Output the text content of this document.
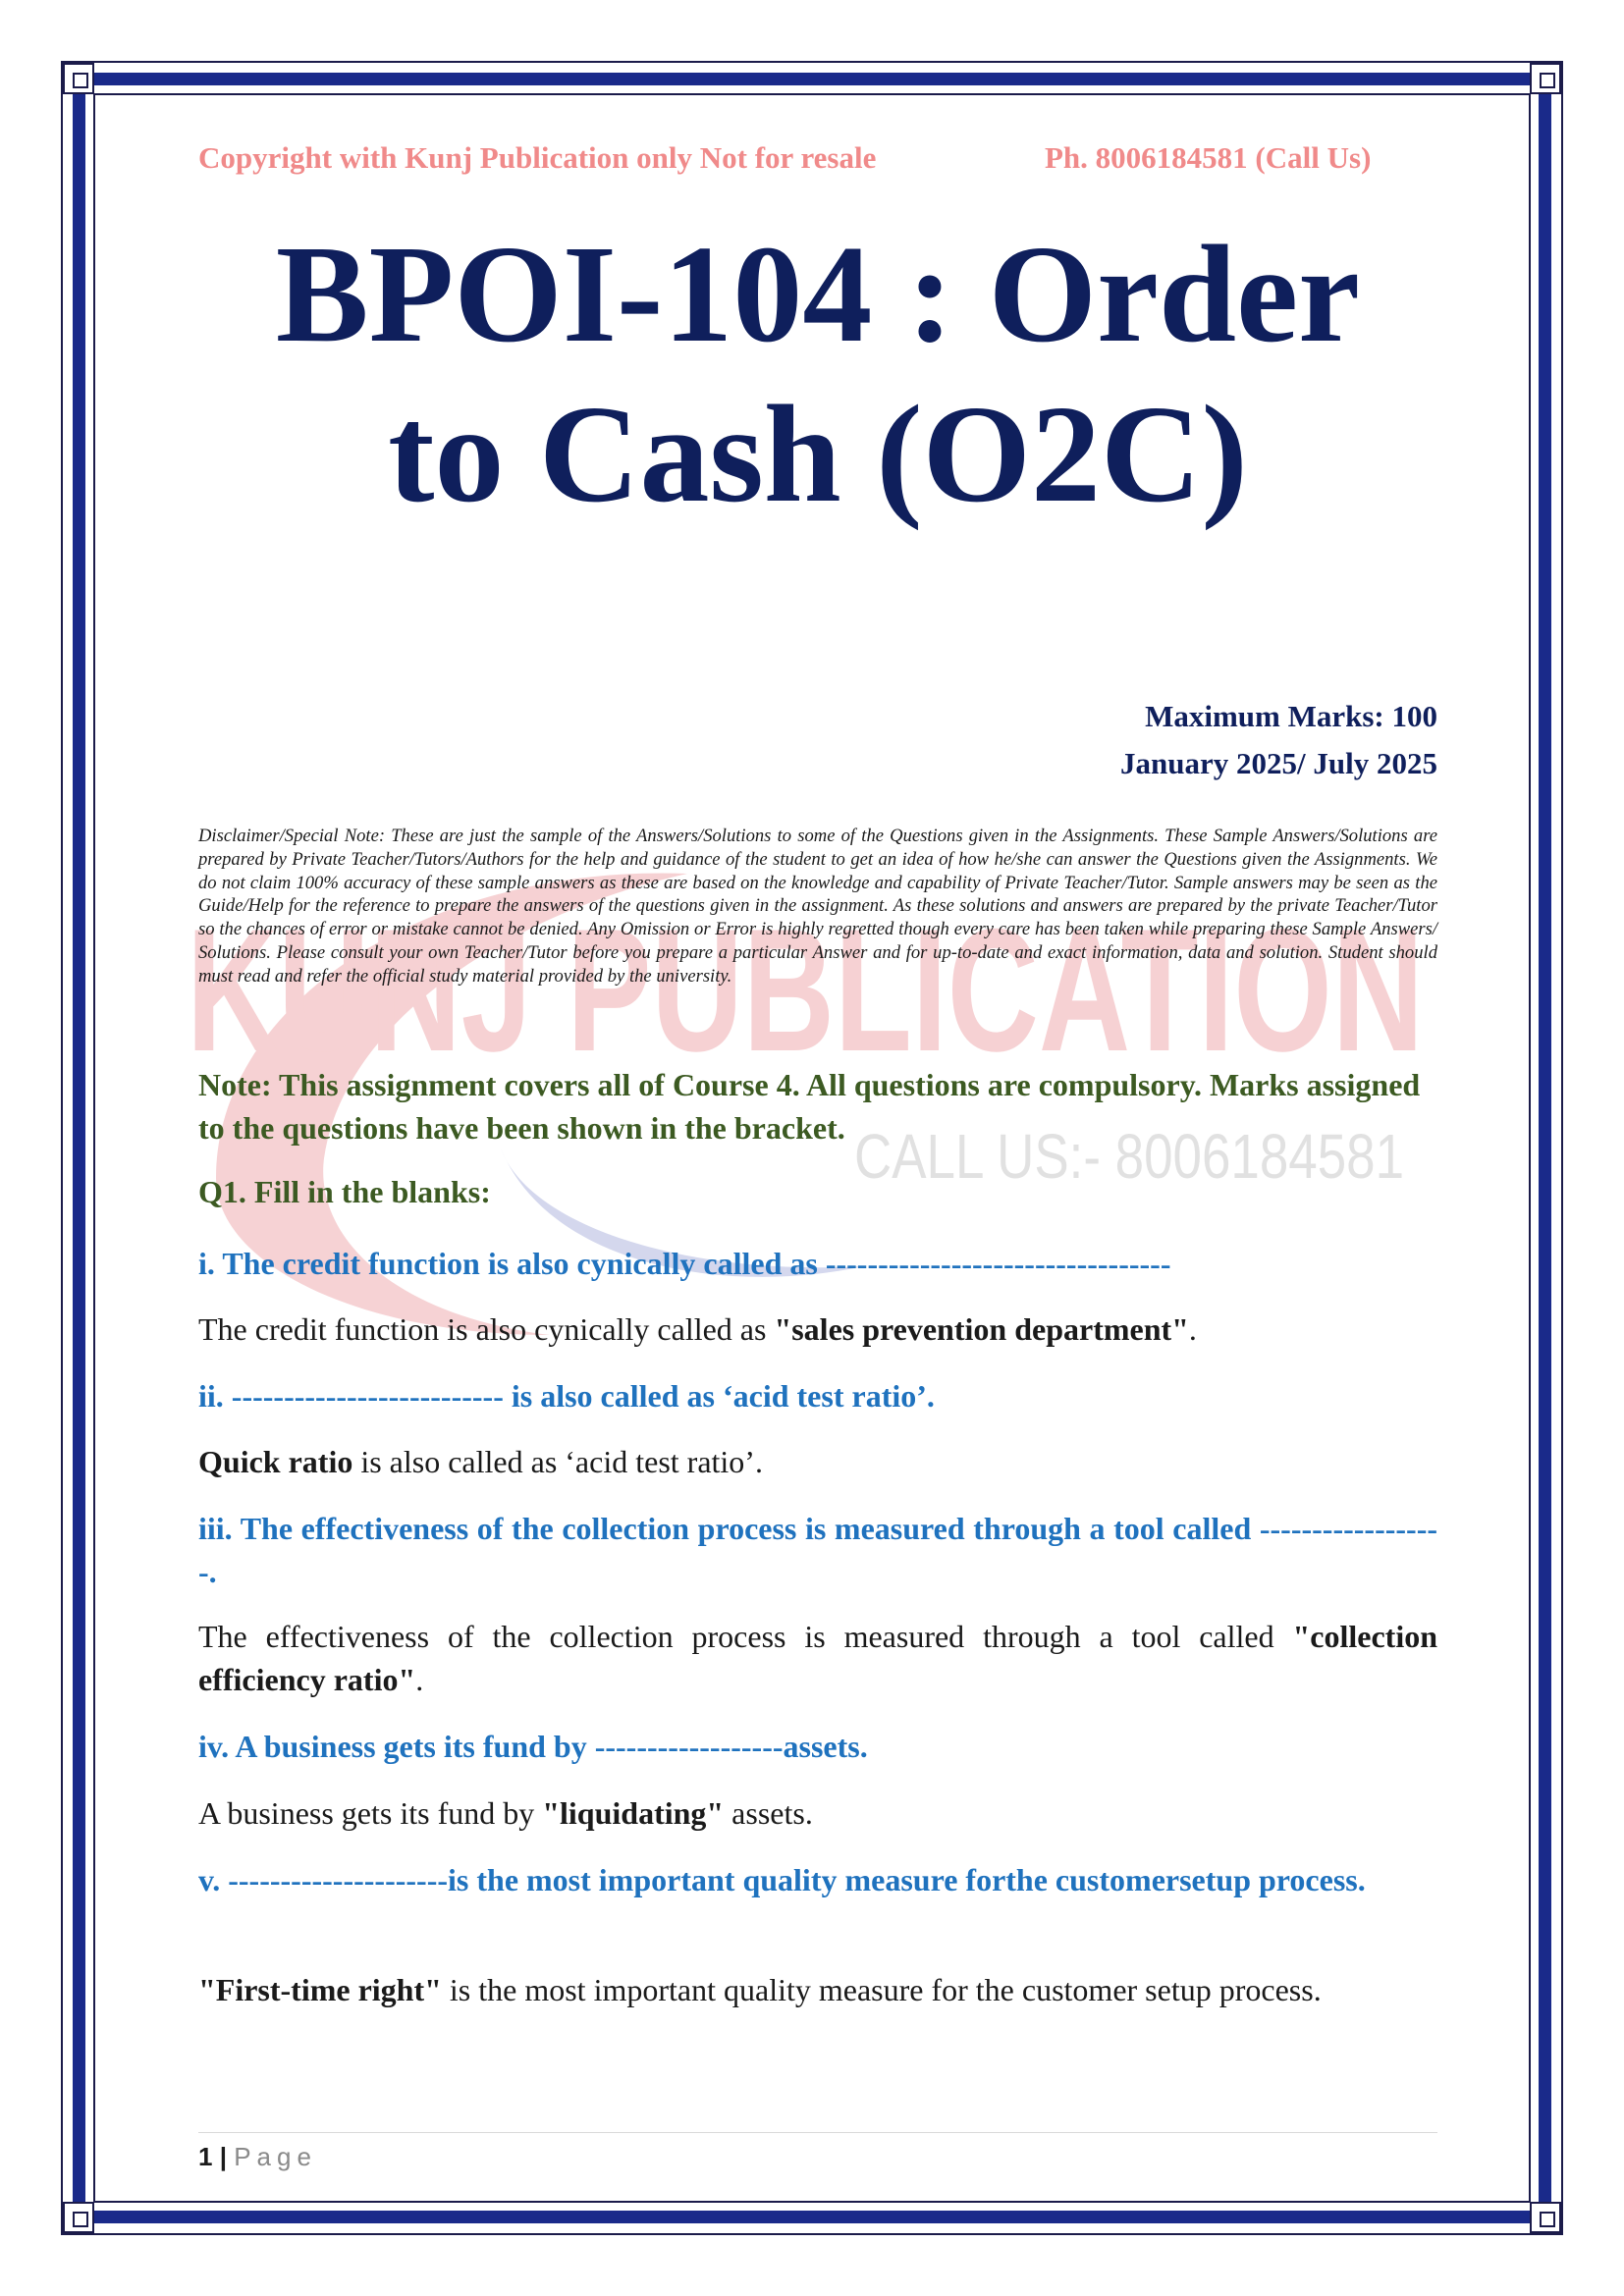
KUNJ PUBLICATION
CALL US:- 8006184581
Copyright with Kunj Publication only Not for resale	Ph. 8006184581 (Call Us)
BPOI-104 : Order
to Cash (O2C)
Maximum Marks: 100
January 2025/ July 2025
Disclaimer/Special Note: These are just the sample of the Answers/Solutions to some of the Questions given in the Assignments. These Sample Answers/Solutions are prepared by Private Teacher/Tutors/Authors for the help and guidance of the student to get an idea of how he/she can answer the Questions given the Assignments. We do not claim 100% accuracy of these sample answers as these are based on the knowledge and capability of Private Teacher/Tutor. Sample answers may be seen as the Guide/Help for the reference to prepare the answers of the questions given in the assignment. As these solutions and answers are prepared by the private Teacher/Tutor so the chances of error or mistake cannot be denied. Any Omission or Error is highly regretted though every care has been taken while preparing these Sample Answers/ Solutions. Please consult your own Teacher/Tutor before you prepare a particular Answer and for up-to-date and exact information, data and solution. Student should must read and refer the official study material provided by the university.
Note: This assignment covers all of Course 4. All questions are compulsory. Marks assigned to the questions have been shown in the bracket.
Q1. Fill in the blanks:
i. The credit function is also cynically called as ---------------------------------
The credit function is also cynically called as "sales prevention department".
ii. -------------------------- is also called as ‘acid test ratio’.
Quick ratio is also called as ‘acid test ratio’.
iii. The effectiveness of the collection process is measured through a tool called ------------------.
The effectiveness of the collection process is measured through a tool called "collection efficiency ratio".
iv. A business gets its fund by ------------------assets.
A business gets its fund by "liquidating" assets.
v. ---------------------is the most important quality measure forthe customersetup process.
"First-time right" is the most important quality measure for the customer setup process.
1 | Page
